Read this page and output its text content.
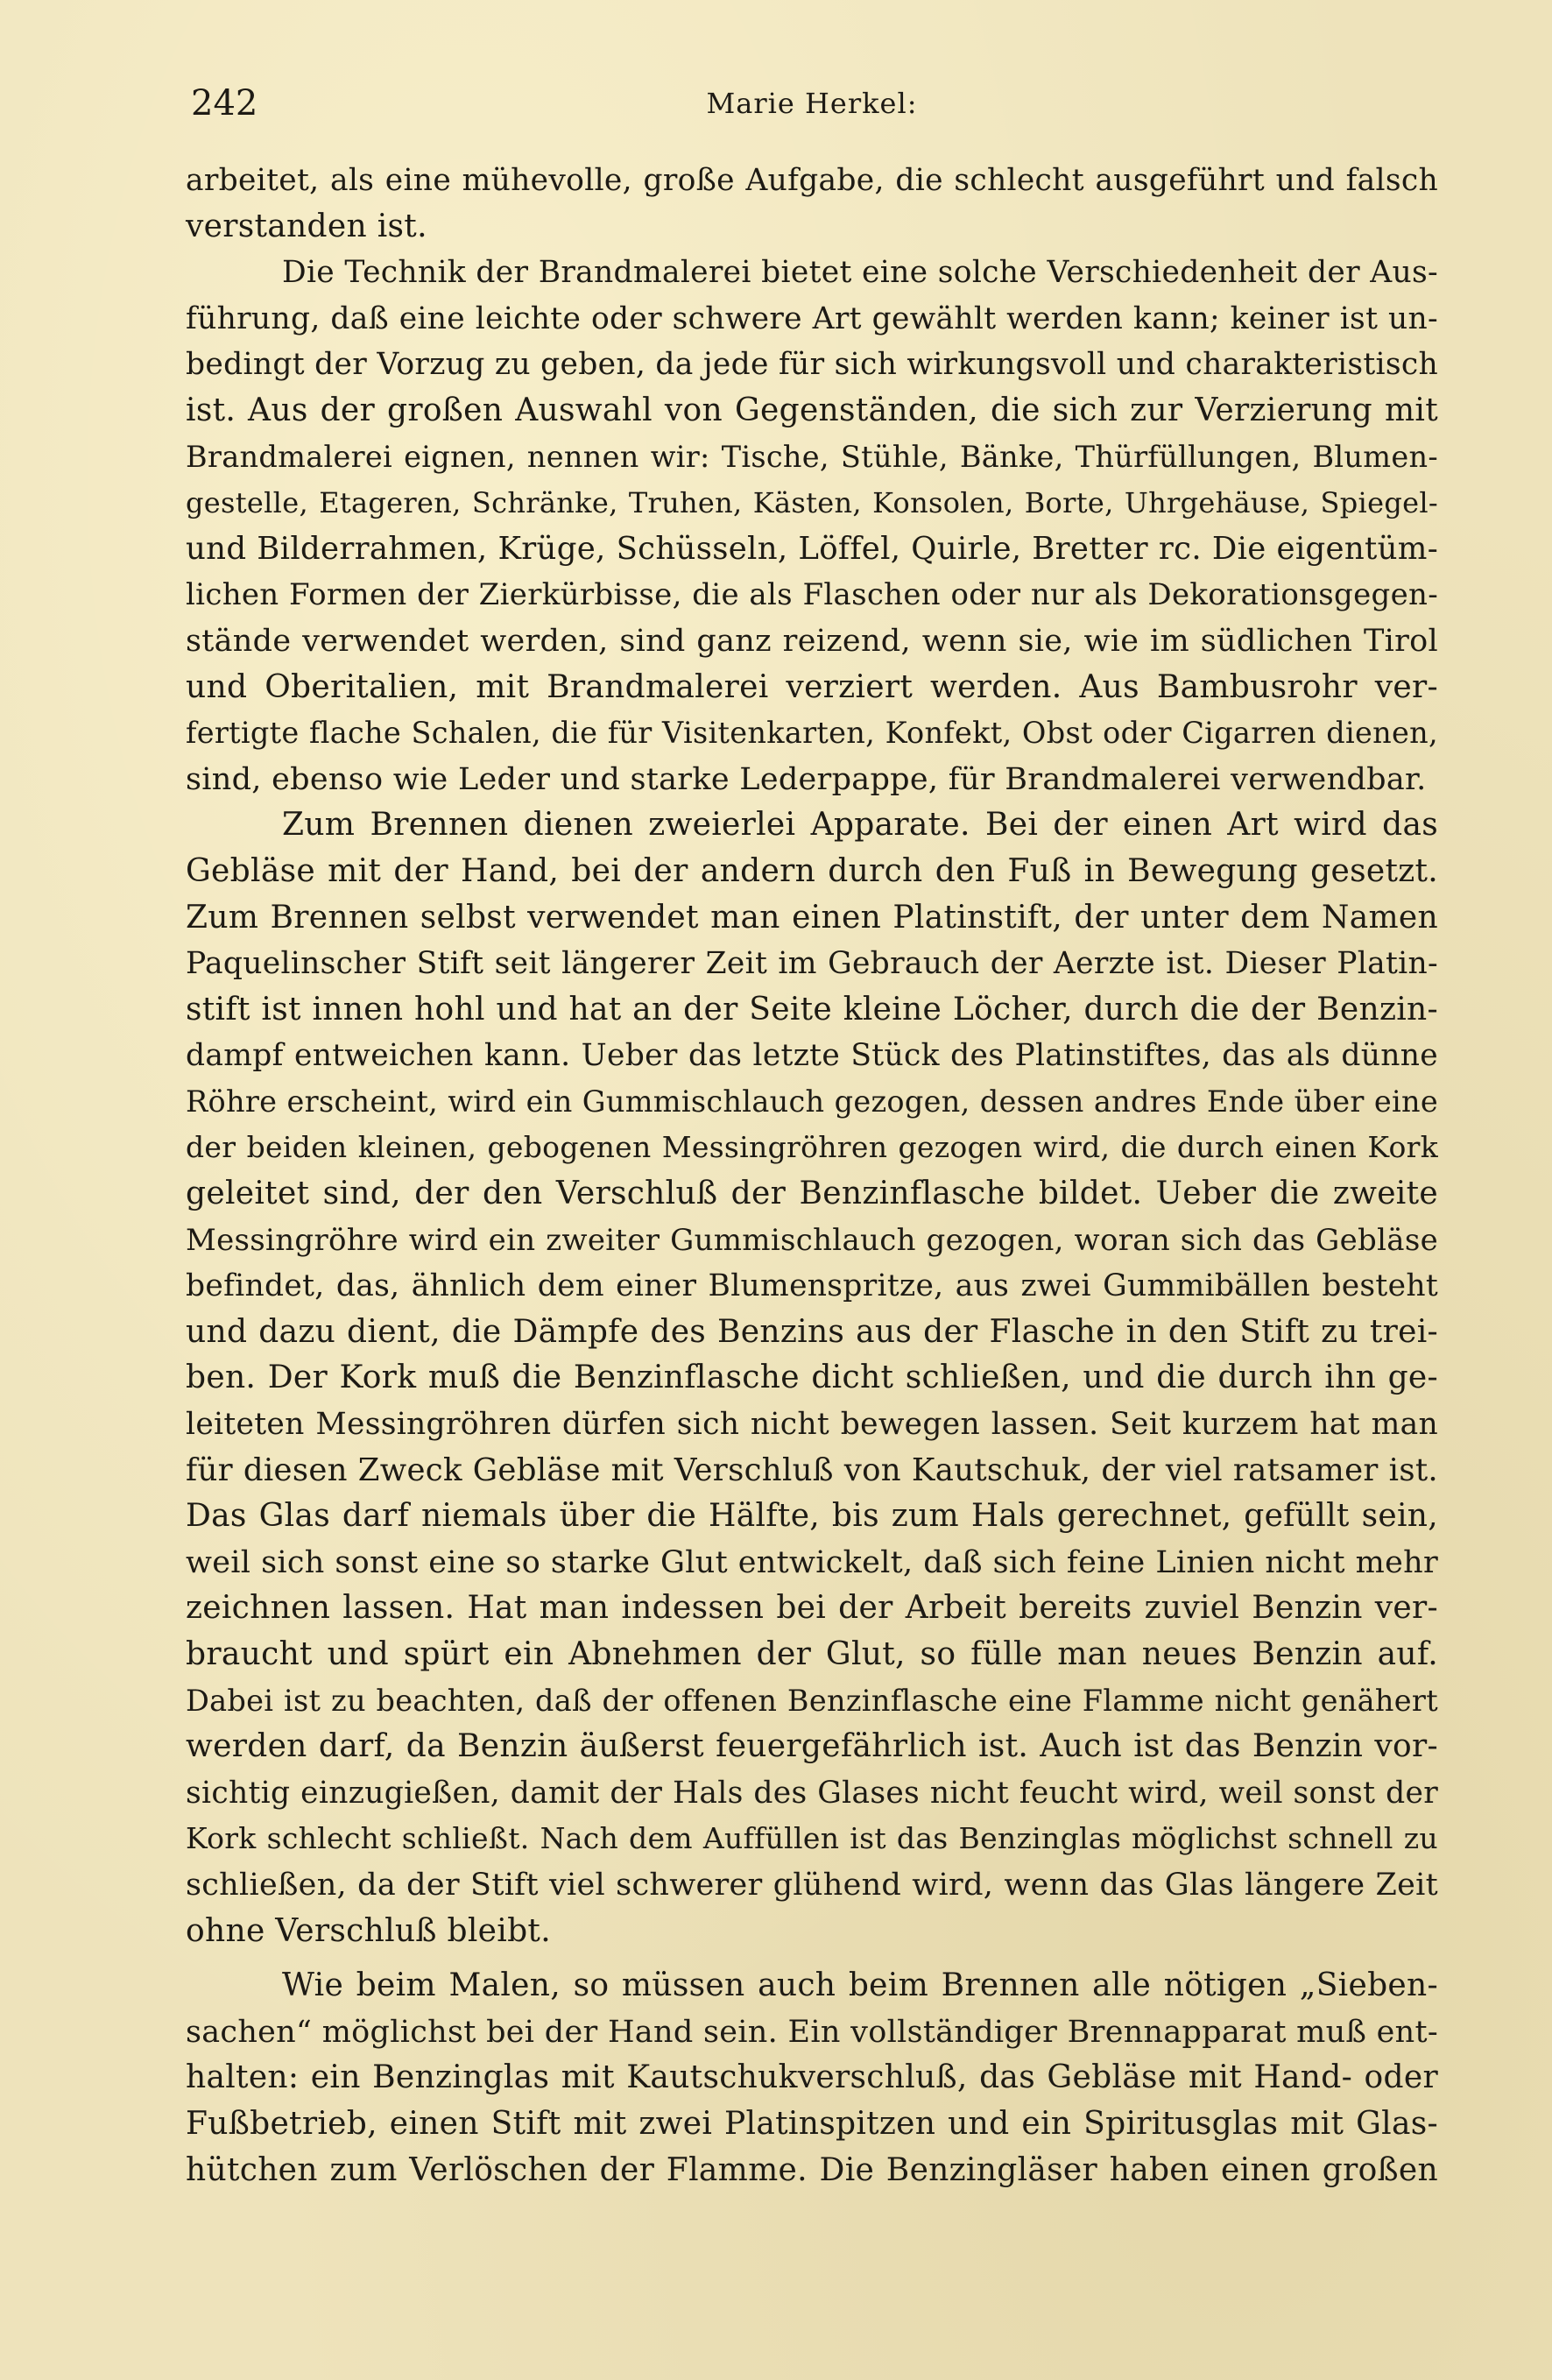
242	Marie Herkel:
arbeitet, als eine mühevolle, große Aufgabe, die schlecht ausgeführt und falsch
verstanden ist.
Die Technik der Brandmalerei bietet eine solche Verschiedenheit der Aus-
führung, daß eine leichte oder schwere Art gewählt werden kann; keiner ist un-
bedingt der Vorzug zu geben, da jede für sich wirkungsvoll und charakteristisch
ist. Aus der großen Auswahl von Gegenständen, die sich zur Verzierung mit
Brandmalerei eignen, nennen wir: Tische, Stühle, Bänke, Thürfüllungen, Blumen-
gestelle, Etageren, Schränke, Truhen, Kästen, Konsolen, Borte, Uhrgehäuse, Spiegel-
und Bilderrahmen, Krüge, Schüsseln, Löffel, Quirle, Bretter rc. Die eigentüm-
lichen Formen der Zierkürbisse, die als Flaschen oder nur als Dekorationsgegen-
stände verwendet werden, sind ganz reizend, wenn sie, wie im südlichen Tirol
und Oberitalien, mit Brandmalerei verziert werden. Aus Bambusrohr ver-
fertigte flache Schalen, die für Visitenkarten, Konfekt, Obst oder Cigarren dienen,
sind, ebenso wie Leder und starke Lederpappe, für Brandmalerei verwendbar.
Zum Brennen dienen zweierlei Apparate. Bei der einen Art wird das
Gebläse mit der Hand, bei der andern durch den Fuß in Bewegung gesetzt.
Zum Brennen selbst verwendet man einen Platinstift, der unter dem Namen
Paquelinscher Stift seit längerer Zeit im Gebrauch der Aerzte ist. Dieser Platin-
stift ist innen hohl und hat an der Seite kleine Löcher, durch die der Benzin-
dampf entweichen kann. Ueber das letzte Stück des Platinstiftes, das als dünne
Röhre erscheint, wird ein Gummischlauch gezogen, dessen andres Ende über eine
der beiden kleinen, gebogenen Messingröhren gezogen wird, die durch einen Kork
geleitet sind, der den Verschluß der Benzinflasche bildet. Ueber die zweite
Messingröhre wird ein zweiter Gummischlauch gezogen, woran sich das Gebläse
befindet, das, ähnlich dem einer Blumenspritze, aus zwei Gummibällen besteht
und dazu dient, die Dämpfe des Benzins aus der Flasche in den Stift zu trei-
ben. Der Kork muß die Benzinflasche dicht schließen, und die durch ihn ge-
leiteten Messingröhren dürfen sich nicht bewegen lassen. Seit kurzem hat man
für diesen Zweck Gebläse mit Verschluß von Kautschuk, der viel ratsamer ist.
Das Glas darf niemals über die Hälfte, bis zum Hals gerechnet, gefüllt sein,
weil sich sonst eine so starke Glut entwickelt, daß sich feine Linien nicht mehr
zeichnen lassen. Hat man indessen bei der Arbeit bereits zuviel Benzin ver-
braucht und spürt ein Abnehmen der Glut, so fülle man neues Benzin auf.
Dabei ist zu beachten, daß der offenen Benzinflasche eine Flamme nicht genähert
werden darf, da Benzin äußerst feuergefährlich ist. Auch ist das Benzin vor-
sichtig einzugießen, damit der Hals des Glases nicht feucht wird, weil sonst der
Kork schlecht schließt. Nach dem Auffüllen ist das Benzinglas möglichst schnell zu
schließen, da der Stift viel schwerer glühend wird, wenn das Glas längere Zeit
ohne Verschluß bleibt.
Wie beim Malen, so müssen auch beim Brennen alle nötigen „Sieben-
sachen“ möglichst bei der Hand sein. Ein vollständiger Brennapparat muß ent-
halten: ein Benzinglas mit Kautschukverschluß, das Gebläse mit Hand- oder
Fußbetrieb, einen Stift mit zwei Platinspitzen und ein Spiritusglas mit Glas-
hütchen zum Verlöschen der Flamme. Die Benzingläser haben einen großen
